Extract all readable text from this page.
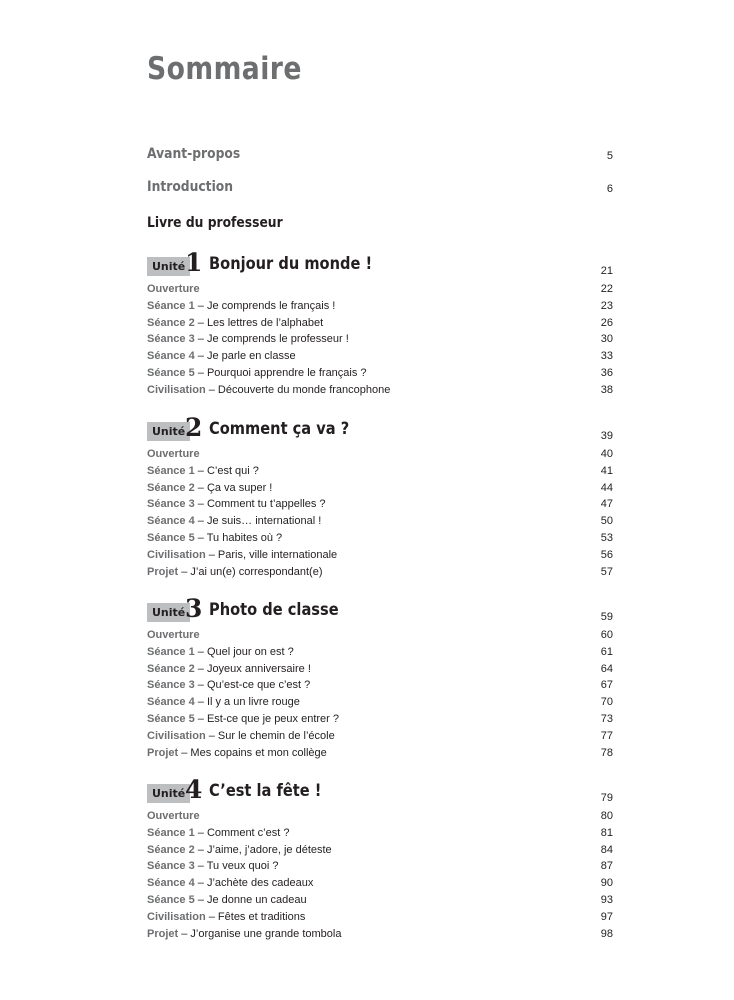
Sommaire
Avant-propos	5
Introduction	6
Livre du professeur
Unité 1 Bonjour du monde !	21
Ouverture	22
Séance 1 – Je comprends le français !	23
Séance 2 – Les lettres de l’alphabet	26
Séance 3 – Je comprends le professeur !	30
Séance 4 – Je parle en classe	33
Séance 5 – Pourquoi apprendre le français ?	36
Civilisation – Découverte du monde francophone	38
Unité 2 Comment ça va ?	39
Ouverture	40
Séance 1 – C’est qui ?	41
Séance 2 – Ça va super !	44
Séance 3 – Comment tu t’appelles ?	47
Séance 4 – Je suis… international !	50
Séance 5 – Tu habites où ?	53
Civilisation – Paris, ville internationale	56
Projet – J’ai un(e) correspondant(e)	57
Unité 3 Photo de classe	59
Ouverture	60
Séance 1 – Quel jour on est ?	61
Séance 2 – Joyeux anniversaire !	64
Séance 3 – Qu’est-ce que c’est ?	67
Séance 4 – Il y a un livre rouge	70
Séance 5 – Est-ce que je peux entrer ?	73
Civilisation – Sur le chemin de l’école	77
Projet – Mes copains et mon collège	78
Unité 4 C’est la fête !	79
Ouverture	80
Séance 1 – Comment c’est ?	81
Séance 2 – J’aime, j’adore, je déteste	84
Séance 3 – Tu veux quoi ?	87
Séance 4 – J’achète des cadeaux	90
Séance 5 – Je donne un cadeau	93
Civilisation – Fêtes et traditions	97
Projet – J’organise une grande tombola	98
